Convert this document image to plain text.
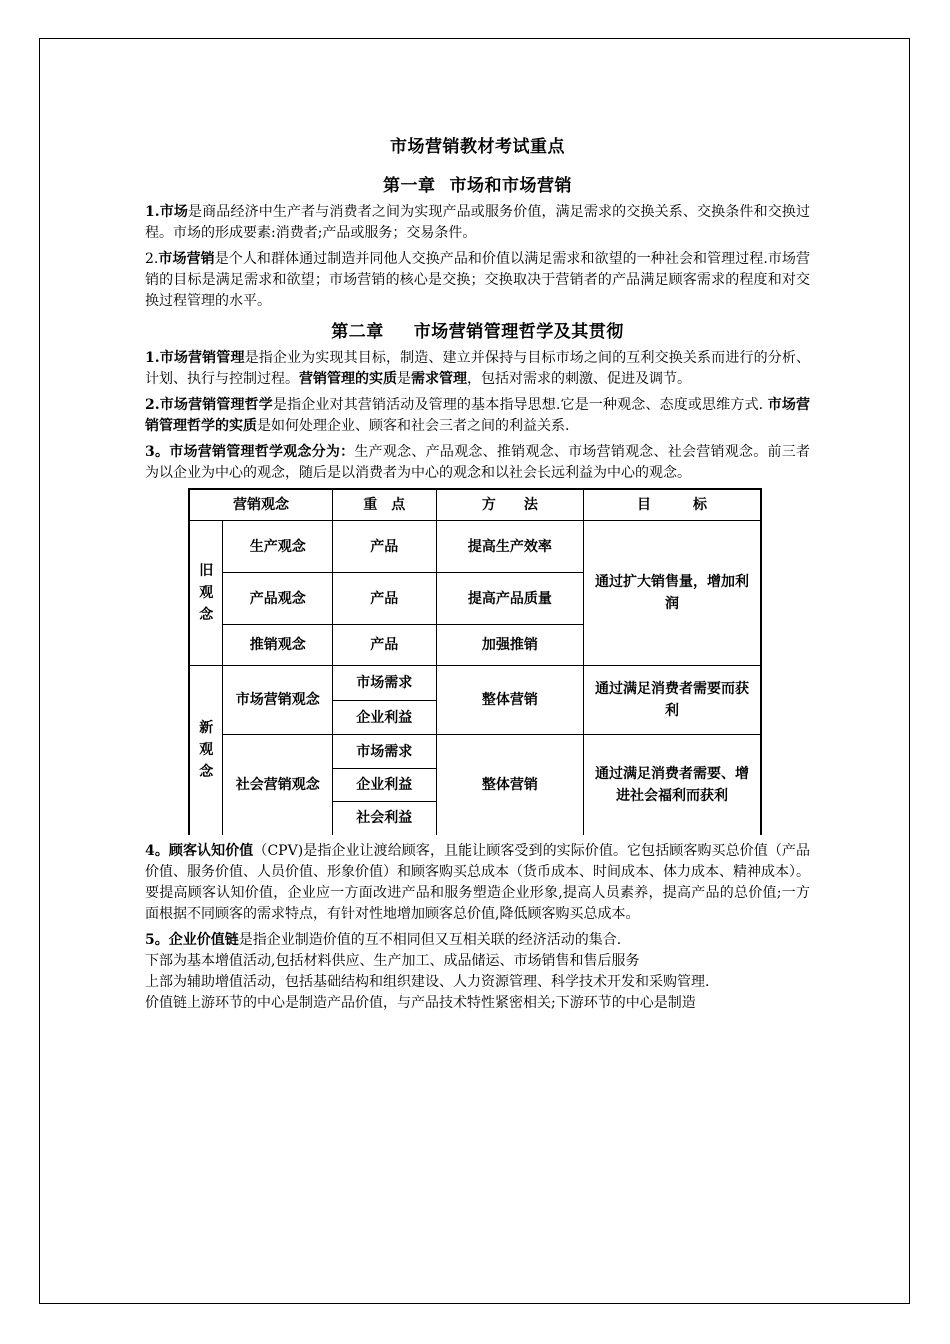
市场营销教材考试重点
第一章 市场和市场营销

1.市场是商品经济中生产者与消费者之间为实现产品或服务价值，满足需求的交换关系、交换条件和交换过程。市场的形成要素:消费者;产品或服务；交易条件。

2.市场营销是个人和群体通过制造并同他人交换产品和价值以满足需求和欲望的一种社会和管理过程.市场营销的目标是满足需求和欲望；市场营销的核心是交换；交换取决于营销者的产品满足顾客需求的程度和对交换过程管理的水平。

第二章 市场营销管理哲学及其贯彻

1.市场营销管理是指企业为实现其目标，制造、建立并保持与目标市场之间的互利交换关系而进行的分析、计划、执行与控制过程。营销管理的实质是需求管理，包括对需求的刺激、促进及调节。

2.市场营销管理哲学是指企业对其营销活动及管理的基本指导思想.它是一种观念、态度或思维方式. 市场营销管理哲学的实质是如何处理企业、顾客和社会三者之间的利益关系.

3。市场营销管理哲学观念分为：生产观念、产品观念、推销观念、市场营销观念、社会营销观念。前三者为以企业为中心的观念，随后是以消费者为中心的观念和以社会长远利益为中心的观念。

营销观念		重　点	方　　法	目　　　标
旧观念	生产观念	产品	提高生产效率	通过扩大销售量，增加利润
	产品观念	产品	提高产品质量	
	推销观念	产品	加强推销	
新观念	市场营销观念	市场需求	整体营销	通过满足消费者需要而获利
		企业利益		
	社会营销观念	市场需求	整体营销	通过满足消费者需要、增进社会福利而获利
		企业利益		
		社会利益		

4。顾客认知价值（CPV)是指企业让渡给顾客，且能让顾客受到的实际价值。它包括顾客购买总价值（产品价值、服务价值、人员价值、形象价值）和顾客购买总成本（货币成本、时间成本、体力成本、精神成本）。

要提高顾客认知价值，企业应一方面改进产品和服务塑造企业形象,提高人员素养，提高产品的总价值;一方面根据不同顾客的需求特点，有针对性地增加顾客总价值,降低顾客购买总成本。

5。企业价值链是指企业制造价值的互不相同但又互相关联的经济活动的集合.

下部为基本增值活动,包括材料供应、生产加工、成品储运、市场销售和售后服务

上部为辅助增值活动，包括基础结构和组织建设、人力资源管理、科学技术开发和采购管理.

价值链上游环节的中心是制造产品价值，与产品技术特性紧密相关;下游环节的中心是制造
